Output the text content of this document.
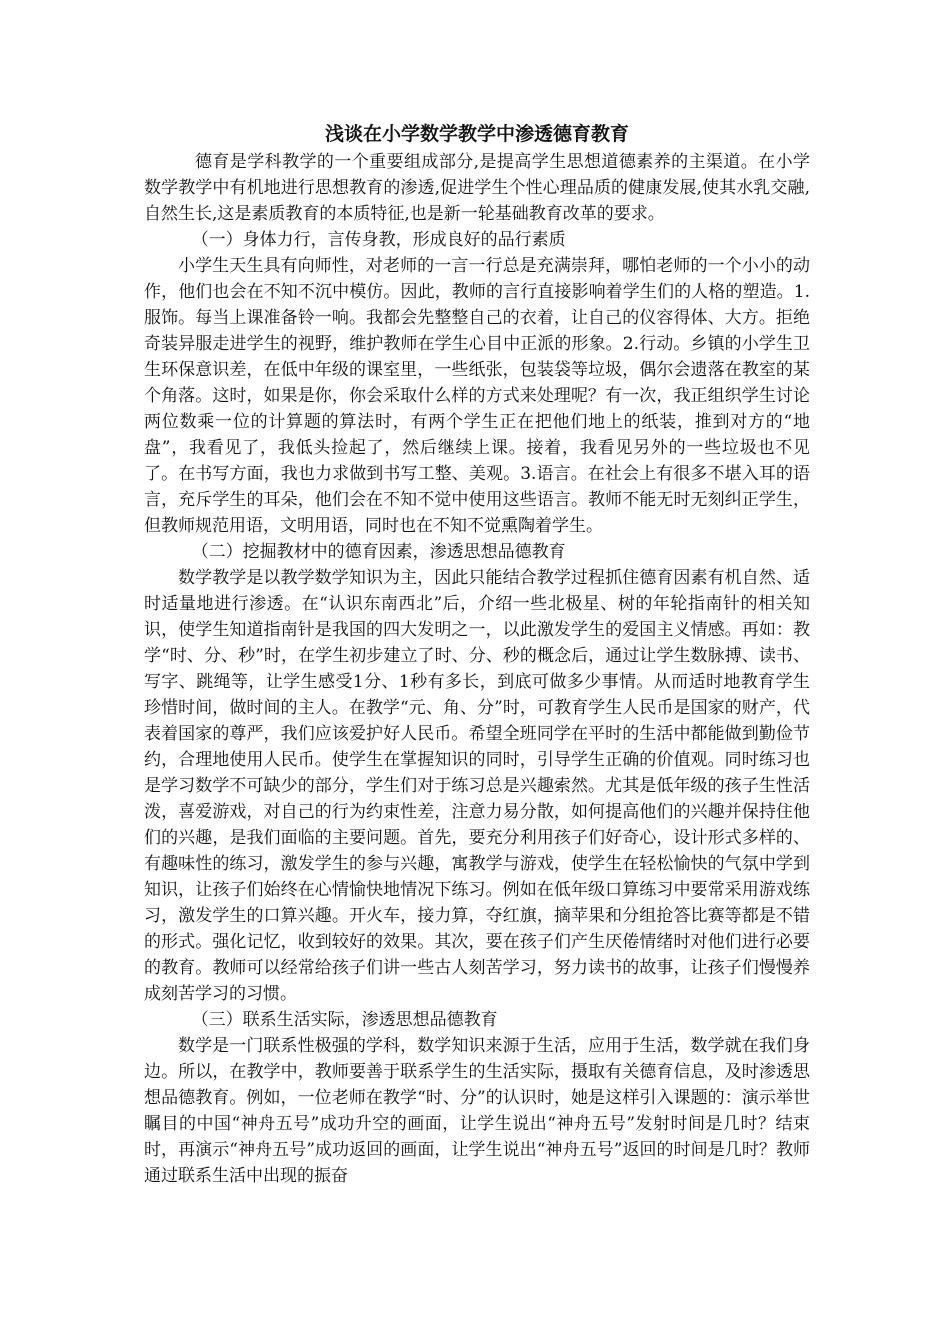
浅谈在小学数学教学中渗透德育教育

德育是学科教学的一个重要组成部分,是提高学生思想道德素养的主渠道。在小学数学教学中有机地进行思想教育的渗透,促进学生个性心理品质的健康发展,使其水乳交融,自然生长,这是素质教育的本质特征,也是新一轮基础教育改革的要求。

（一）身体力行，言传身教，形成良好的品行素质

小学生天生具有向师性，对老师的一言一行总是充满崇拜，哪怕老师的一个小小的动作，他们也会在不知不沉中模仿。因此，教师的言行直接影响着学生们的人格的塑造。1.服饰。每当上课准备铃一响。我都会先整整自己的衣着，让自己的仪容得体、大方。拒绝奇装异服走进学生的视野，维护教师在学生心目中正派的形象。2.行动。乡镇的小学生卫生环保意识差，在低中年级的课室里，一些纸张，包装袋等垃圾，偶尔会遗落在教室的某个角落。这时，如果是你，你会采取什么样的方式来处理呢？有一次，我正组织学生讨论两位数乘一位的计算题的算法时，有两个学生正在把他们地上的纸装，推到对方的“地盘”，我看见了，我低头捡起了，然后继续上课。接着，我看见另外的一些垃圾也不见了。在书写方面，我也力求做到书写工整、美观。3.语言。在社会上有很多不堪入耳的语言，充斥学生的耳朵，他们会在不知不觉中使用这些语言。教师不能无时无刻纠正学生，但教师规范用语，文明用语，同时也在不知不觉熏陶着学生。

（二）挖掘教材中的德育因素，渗透思想品德教育

数学教学是以教学数学知识为主，因此只能结合教学过程抓住德育因素有机自然、适时适量地进行渗透。在“认识东南西北”后，介绍一些北极星、树的年轮指南针的相关知识，使学生知道指南针是我国的四大发明之一，以此激发学生的爱国主义情感。再如：教学“时、分、秒”时，在学生初步建立了时、分、秒的概念后，通过让学生数脉搏、读书、写字、跳绳等，让学生感受1分、1秒有多长，到底可做多少事情。从而适时地教育学生珍惜时间，做时间的主人。在教学“元、角、分”时，可教育学生人民币是国家的财产，代表着国家的尊严，我们应该爱护好人民币。希望全班同学在平时的生活中都能做到勤俭节约，合理地使用人民币。使学生在掌握知识的同时，引导学生正确的价值观。同时练习也是学习数学不可缺少的部分，学生们对于练习总是兴趣索然。尤其是低年级的孩子生性活泼，喜爱游戏，对自己的行为约束性差，注意力易分散，如何提高他们的兴趣并保持住他们的兴趣，是我们面临的主要问题。首先，要充分利用孩子们好奇心，设计形式多样的、有趣味性的练习，激发学生的参与兴趣，寓教学与游戏，使学生在轻松愉快的气氛中学到知识，让孩子们始终在心情愉快地情况下练习。例如在低年级口算练习中要常采用游戏练习，激发学生的口算兴趣。开火车，接力算，夺红旗，摘苹果和分组抢答比赛等都是不错的形式。强化记忆，收到较好的效果。其次，要在孩子们产生厌倦情绪时对他们进行必要的教育。教师可以经常给孩子们讲一些古人刻苦学习，努力读书的故事，让孩子们慢慢养成刻苦学习的习惯。

（三）联系生活实际，渗透思想品德教育

数学是一门联系性极强的学科，数学知识来源于生活，应用于生活，数学就在我们身边。所以，在教学中，教师要善于联系学生的生活实际，摄取有关德育信息，及时渗透思想品德教育。例如，一位老师在教学“时、分”的认识时，她是这样引入课题的：演示举世瞩目的中国“神舟五号”成功升空的画面，让学生说出“神舟五号”发射时间是几时？结束时，再演示“神舟五号”成功返回的画面，让学生说出“神舟五号”返回的时间是几时？教师通过联系生活中出现的振奋
